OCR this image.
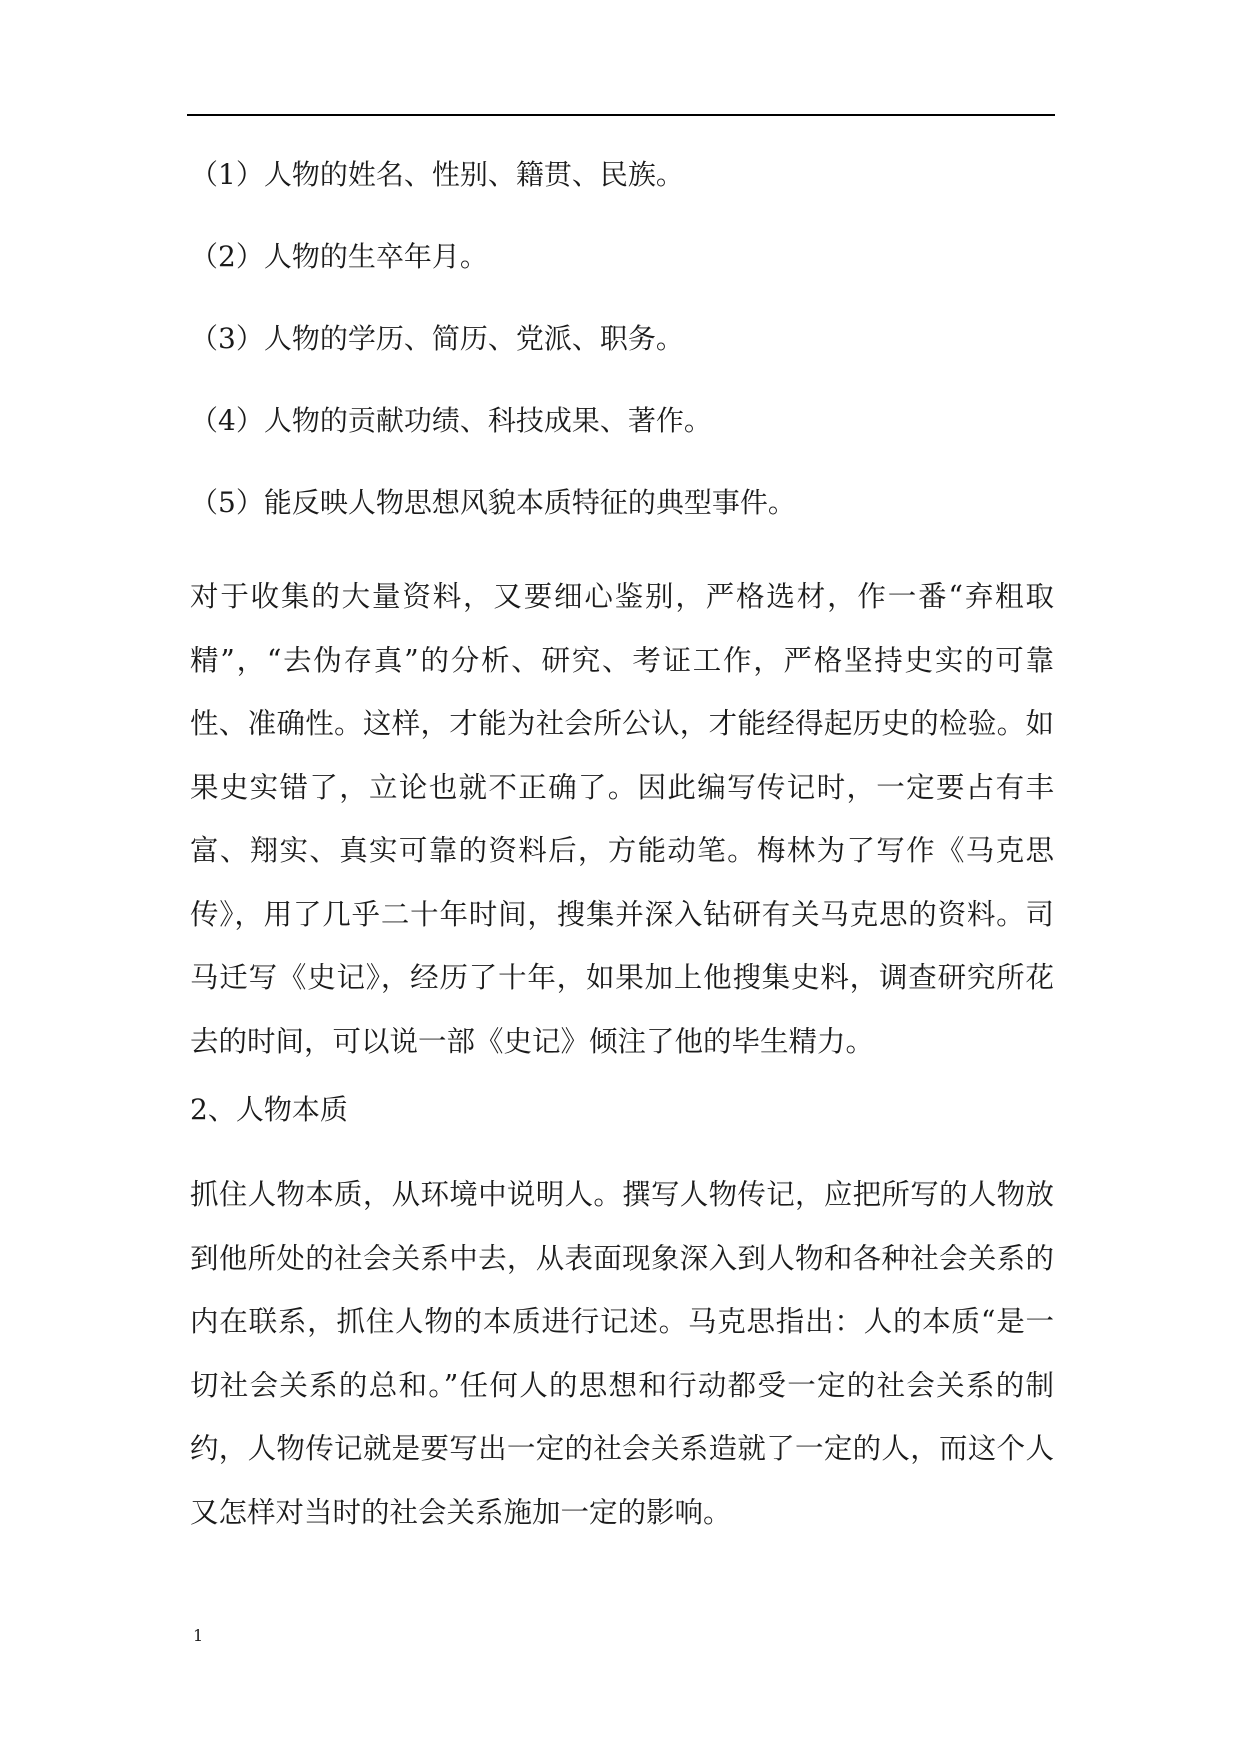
（1）人物的姓名、性别、籍贯、民族。
（2）人物的生卒年月。
（3）人物的学历、简历、党派、职务。
（4）人物的贡献功绩、科技成果、著作。
（5）能反映人物思想风貌本质特征的典型事件。

对于收集的大量资料，又要细心鉴别，严格选材，作一番“弃粗取精”，“去伪存真”的分析、研究、考证工作，严格坚持史实的可靠性、准确性。这样，才能为社会所公认，才能经得起历史的检验。如果史实错了，立论也就不正确了。因此编写传记时，一定要占有丰富、翔实、真实可靠的资料后，方能动笔。梅林为了写作《马克思传》，用了几乎二十年时间，搜集并深入钻研有关马克思的资料。司马迁写《史记》，经历了十年，如果加上他搜集史料，调查研究所花去的时间，可以说一部《史记》倾注了他的毕生精力。

2、人物本质

抓住人物本质，从环境中说明人。撰写人物传记，应把所写的人物放到他所处的社会关系中去，从表面现象深入到人物和各种社会关系的内在联系，抓住人物的本质进行记述。马克思指出：人的本质“是一切社会关系的总和。”任何人的思想和行动都受一定的社会关系的制约，人物传记就是要写出一定的社会关系造就了一定的人，而这个人又怎样对当时的社会关系施加一定的影响。

1
